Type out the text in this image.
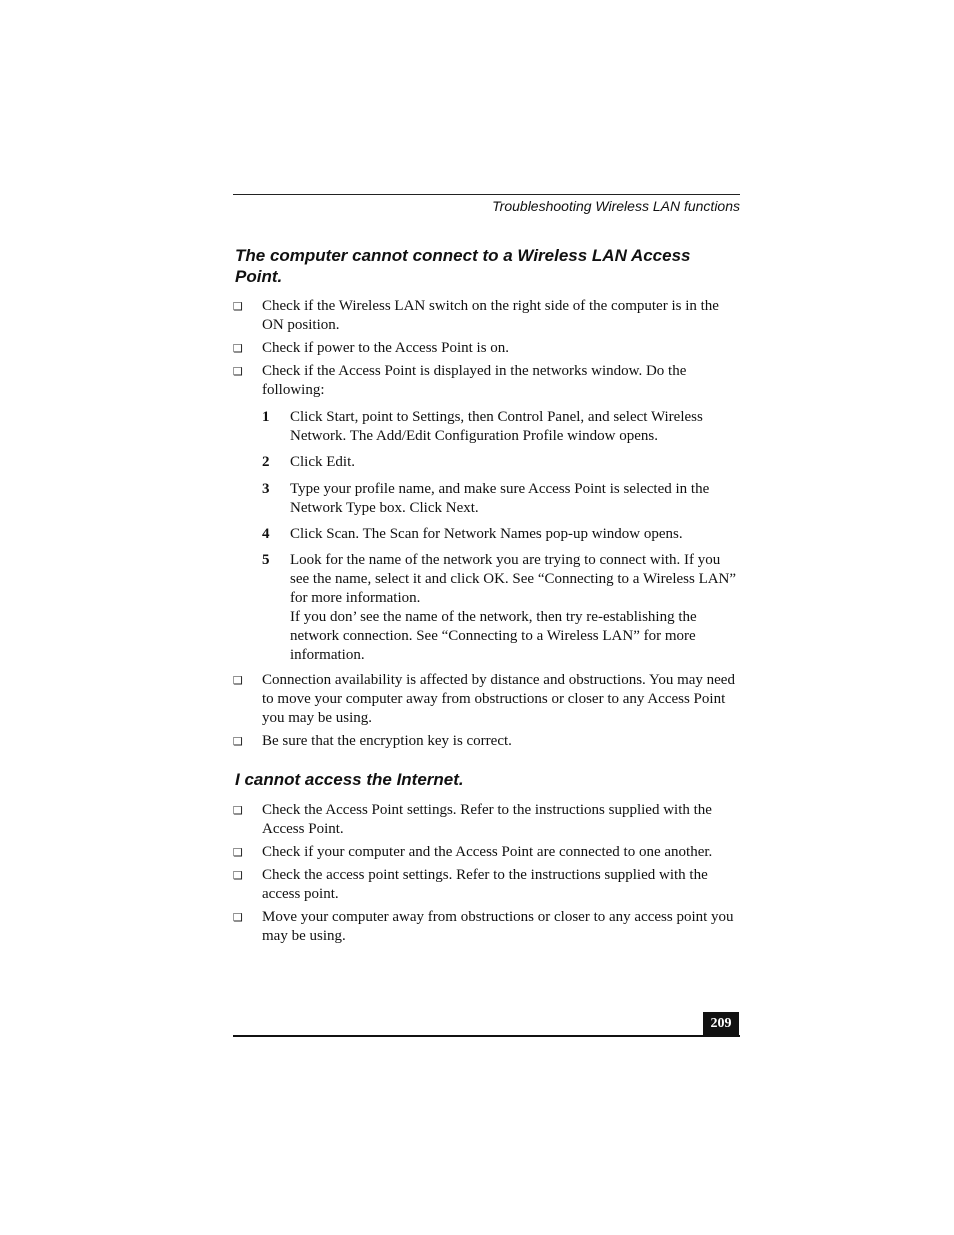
Troubleshooting Wireless LAN functions
The computer cannot connect to a Wireless LAN Access Point.
❑ Check if the Wireless LAN switch on the right side of the computer is in the ON position.
❑ Check if power to the Access Point is on.
❑ Check if the Access Point is displayed in the networks window. Do the following:
1 Click Start, point to Settings, then Control Panel, and select Wireless Network. The Add/Edit Configuration Profile window opens.
2 Click Edit.
3 Type your profile name, and make sure Access Point is selected in the Network Type box. Click Next.
4 Click Scan. The Scan for Network Names pop-up window opens.
5 Look for the name of the network you are trying to connect with. If you see the name, select it and click OK. See “Connecting to a Wireless LAN” for more information.
If you don’ see the name of the network, then try re-establishing the network connection. See “Connecting to a Wireless LAN” for more information.
❑ Connection availability is affected by distance and obstructions. You may need to move your computer away from obstructions or closer to any Access Point you may be using.
❑ Be sure that the encryption key is correct.
I cannot access the Internet.
❑ Check the Access Point settings. Refer to the instructions supplied with the Access Point.
❑ Check if your computer and the Access Point are connected to one another.
❑ Check the access point settings. Refer to the instructions supplied with the access point.
❑ Move your computer away from obstructions or closer to any access point you may be using.
209
